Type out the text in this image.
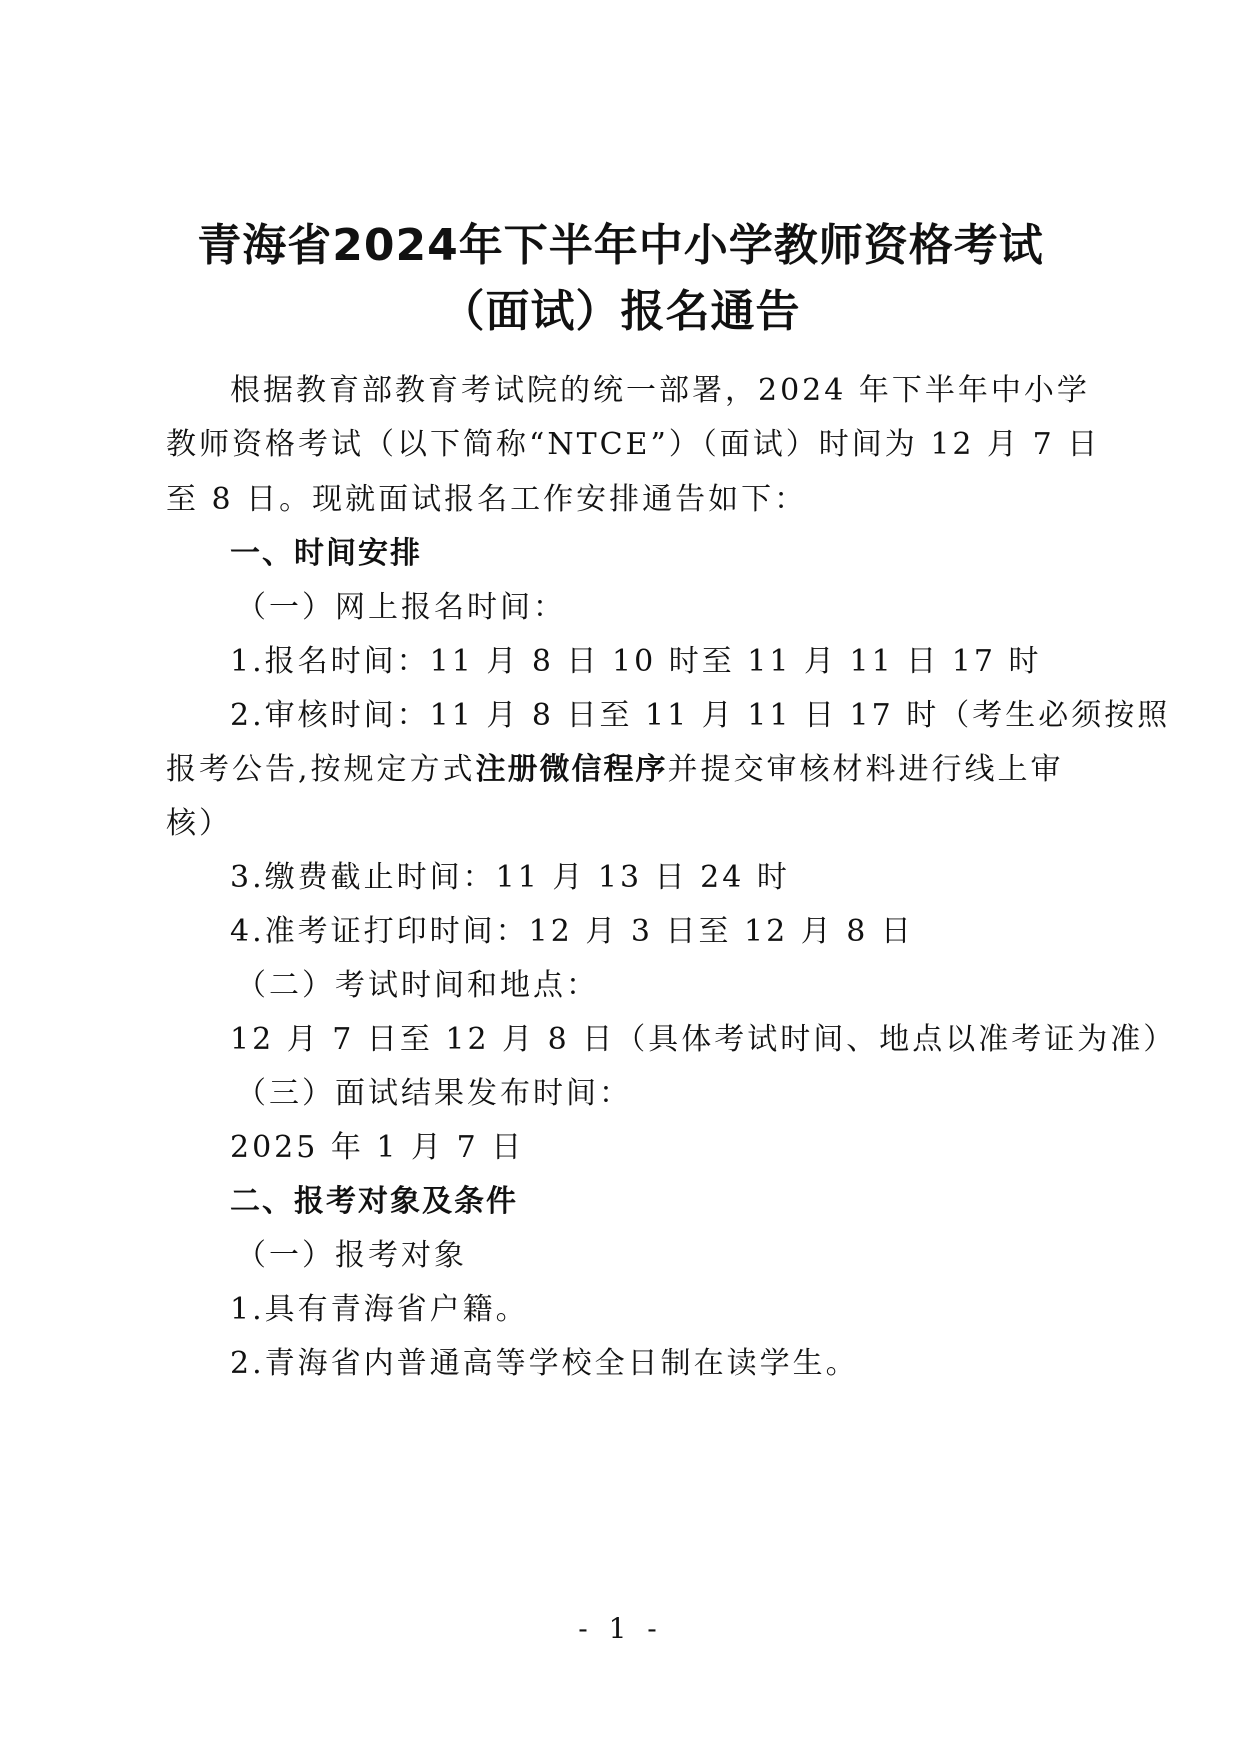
青海省2024年下半年中小学教师资格考试
（面试）报名通告
根据教育部教育考试院的统一部署，2024 年下半年中小学
教师资格考试（以下简称“NTCE”）（面试）时间为 12 月 7 日
至 8 日。现就面试报名工作安排通告如下：
一、时间安排
（一）网上报名时间：
1.报名时间：11 月 8 日 10 时至 11 月 11 日 17 时
2.审核时间：11 月 8 日至 11 月 11 日 17 时（考生必须按照
报考公告,按规定方式注册微信程序并提交审核材料进行线上审
核）
3.缴费截止时间：11 月 13 日 24 时
4.准考证打印时间：12 月 3 日至 12 月 8 日
（二）考试时间和地点：
12 月 7 日至 12 月 8 日（具体考试时间、地点以准考证为准）
（三）面试结果发布时间：
2025 年 1 月 7 日
二、报考对象及条件
（一）报考对象
1.具有青海省户籍。
2.青海省内普通高等学校全日制在读学生。
- 1 -
